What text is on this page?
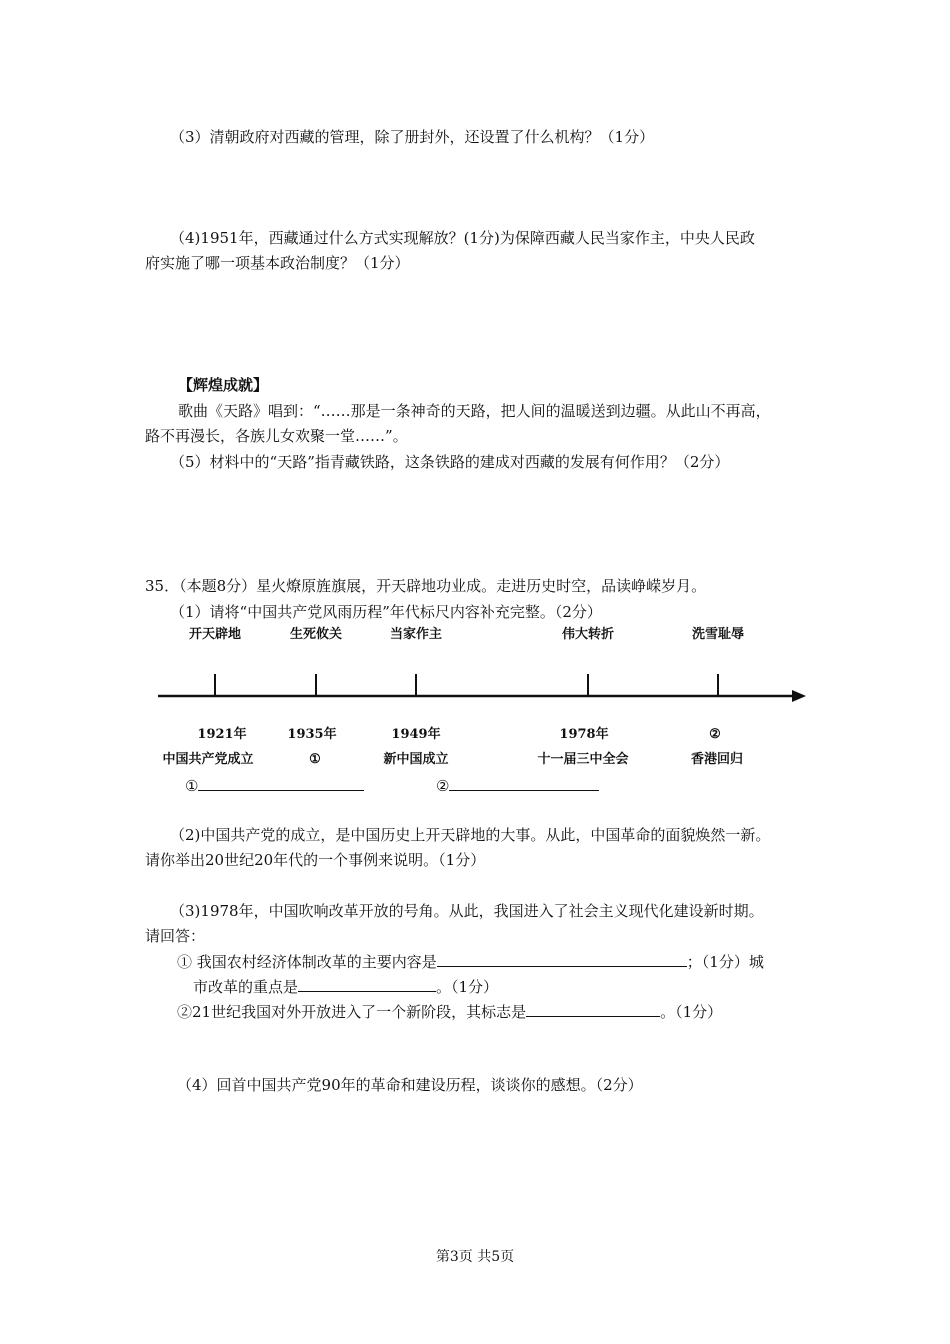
（3）清朝政府对西藏的管理，除了册封外，还设置了什么机构？（1分）
（4)1951年，西藏通过什么方式实现解放？(1分)为保障西藏人民当家作主，中央人民政
府实施了哪一项基本政治制度？（1分）
【辉煌成就】
歌曲《天路》唱到：“……那是一条神奇的天路，把人间的温暖送到边疆。从此山不再高，
路不再漫长，各族儿女欢聚一堂……”。
（5）材料中的“天路”指青藏铁路，这条铁路的建成对西藏的发展有何作用？（2分）
35．（本题8分）星火燎原旌旗展，开天辟地功业成。走进历史时空，品读峥嵘岁月。
（1）请将“中国共产党风雨历程”年代标尺内容补充完整。（2分）
开天辟地	生死攸关	当家作主	伟大转折	洗雪耻辱
1921年	1935年	1949年	1978年	②
中国共产党成立	①	新中国成立	十一届三中全会	香港回归
①	②
（2)中国共产党的成立，是中国历史上开天辟地的大事。从此，中国革命的面貌焕然一新。
请你举出20世纪20年代的一个事例来说明。（1分）
（3)1978年，中国吹响改革开放的号角。从此，我国进入了社会主义现代化建设新时期。
请回答：
① 我国农村经济体制改革的主要内容是	；（1分）城
市改革的重点是	。（1分）
②21世纪我国对外开放进入了一个新阶段，其标志是	。（1分）
（4）回首中国共产党90年的革命和建设历程，谈谈你的感想。（2分）
第3页 共5页
